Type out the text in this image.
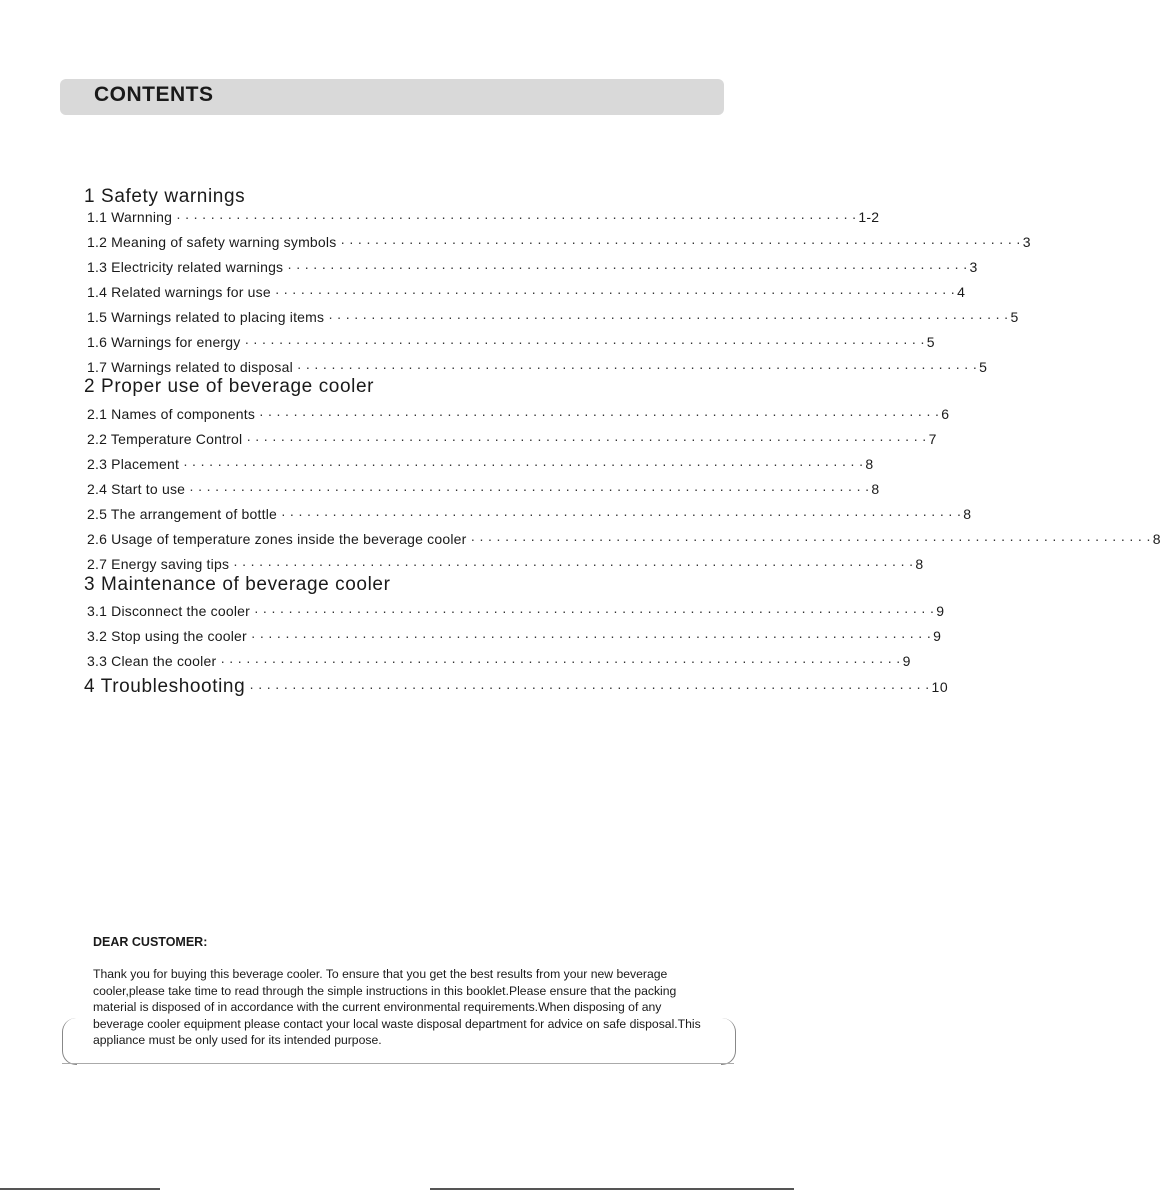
CONTENTS
1 Safety warnings
1.1 Warnning · · · · · · · · · · · · · · · · · · · · · · · · · · · · · · · · · · · · · · · · · · · · · · · · · · · · · · · · · · · · · · · · · · · · · · · · · · · · · · · · 1-2
1.2 Meaning of safety warning symbols · · · · · · · · · · · · · · · · · · · · · · · · · · · · · · · · · · · · · · · · · · · · · · · · · · · · · · · · · · · · · · · · · · · · · · · · · · · · · · · · 3
1.3 Electricity related warnings · · · · · · · · · · · · · · · · · · · · · · · · · · · · · · · · · · · · · · · · · · · · · · · · · · · · · · · · · · · · · · · · · · · · · · · · · · · · · · · · 3
1.4 Related warnings for use · · · · · · · · · · · · · · · · · · · · · · · · · · · · · · · · · · · · · · · · · · · · · · · · · · · · · · · · · · · · · · · · · · · · · · · · · · · · · · · · 4
1.5 Warnings related to placing items · · · · · · · · · · · · · · · · · · · · · · · · · · · · · · · · · · · · · · · · · · · · · · · · · · · · · · · · · · · · · · · · · · · · · · · · · · · · · · · · 5
1.6 Warnings for energy · · · · · · · · · · · · · · · · · · · · · · · · · · · · · · · · · · · · · · · · · · · · · · · · · · · · · · · · · · · · · · · · · · · · · · · · · · · · · · · · 5
1.7 Warnings related to disposal · · · · · · · · · · · · · · · · · · · · · · · · · · · · · · · · · · · · · · · · · · · · · · · · · · · · · · · · · · · · · · · · · · · · · · · · · · · · · · · · 5
2 Proper use of beverage cooler
2.1 Names of components · · · · · · · · · · · · · · · · · · · · · · · · · · · · · · · · · · · · · · · · · · · · · · · · · · · · · · · · · · · · · · · · · · · · · · · · · · · · · · · · 6
2.2 Temperature Control · · · · · · · · · · · · · · · · · · · · · · · · · · · · · · · · · · · · · · · · · · · · · · · · · · · · · · · · · · · · · · · · · · · · · · · · · · · · · · · · 7
2.3 Placement · · · · · · · · · · · · · · · · · · · · · · · · · · · · · · · · · · · · · · · · · · · · · · · · · · · · · · · · · · · · · · · · · · · · · · · · · · · · · · · · 8
2.4 Start to use · · · · · · · · · · · · · · · · · · · · · · · · · · · · · · · · · · · · · · · · · · · · · · · · · · · · · · · · · · · · · · · · · · · · · · · · · · · · · · · · 8
2.5 The arrangement of bottle · · · · · · · · · · · · · · · · · · · · · · · · · · · · · · · · · · · · · · · · · · · · · · · · · · · · · · · · · · · · · · · · · · · · · · · · · · · · · · · · 8
2.6 Usage of temperature zones inside the beverage cooler · · · · · · · · · · · · · · · · · · · · · · · · · · · · · · · · · · · · · · · · · · · · · · · · · · · · · · · · · · · · · · · · · · · · · · · · · · · · · · · · 8
2.7 Energy saving tips · · · · · · · · · · · · · · · · · · · · · · · · · · · · · · · · · · · · · · · · · · · · · · · · · · · · · · · · · · · · · · · · · · · · · · · · · · · · · · · · 8
3 Maintenance of beverage cooler
3.1 Disconnect the cooler · · · · · · · · · · · · · · · · · · · · · · · · · · · · · · · · · · · · · · · · · · · · · · · · · · · · · · · · · · · · · · · · · · · · · · · · · · · · · · · · 9
3.2 Stop using the cooler · · · · · · · · · · · · · · · · · · · · · · · · · · · · · · · · · · · · · · · · · · · · · · · · · · · · · · · · · · · · · · · · · · · · · · · · · · · · · · · · 9
3.3 Clean the cooler · · · · · · · · · · · · · · · · · · · · · · · · · · · · · · · · · · · · · · · · · · · · · · · · · · · · · · · · · · · · · · · · · · · · · · · · · · · · · · · · 9
4 Troubleshooting · · · · · · · · · · · · · · · · · · · · · · · · · · · · · · · · · · · · · · · · · · · · · · · · · · · · · · · · · · · · · · · · · · · · · · · · · · · · · · · · 10
DEAR CUSTOMER:

Thank you for buying this beverage cooler. To ensure that you get the best results from your new beverage cooler,please take time to read through the simple instructions in this booklet.Please ensure that the packing material is disposed of in accordance with the current environmental requirements.When disposing of any beverage cooler equipment please contact your local waste disposal department for advice on safe disposal.This appliance must be only used for its intended purpose.
